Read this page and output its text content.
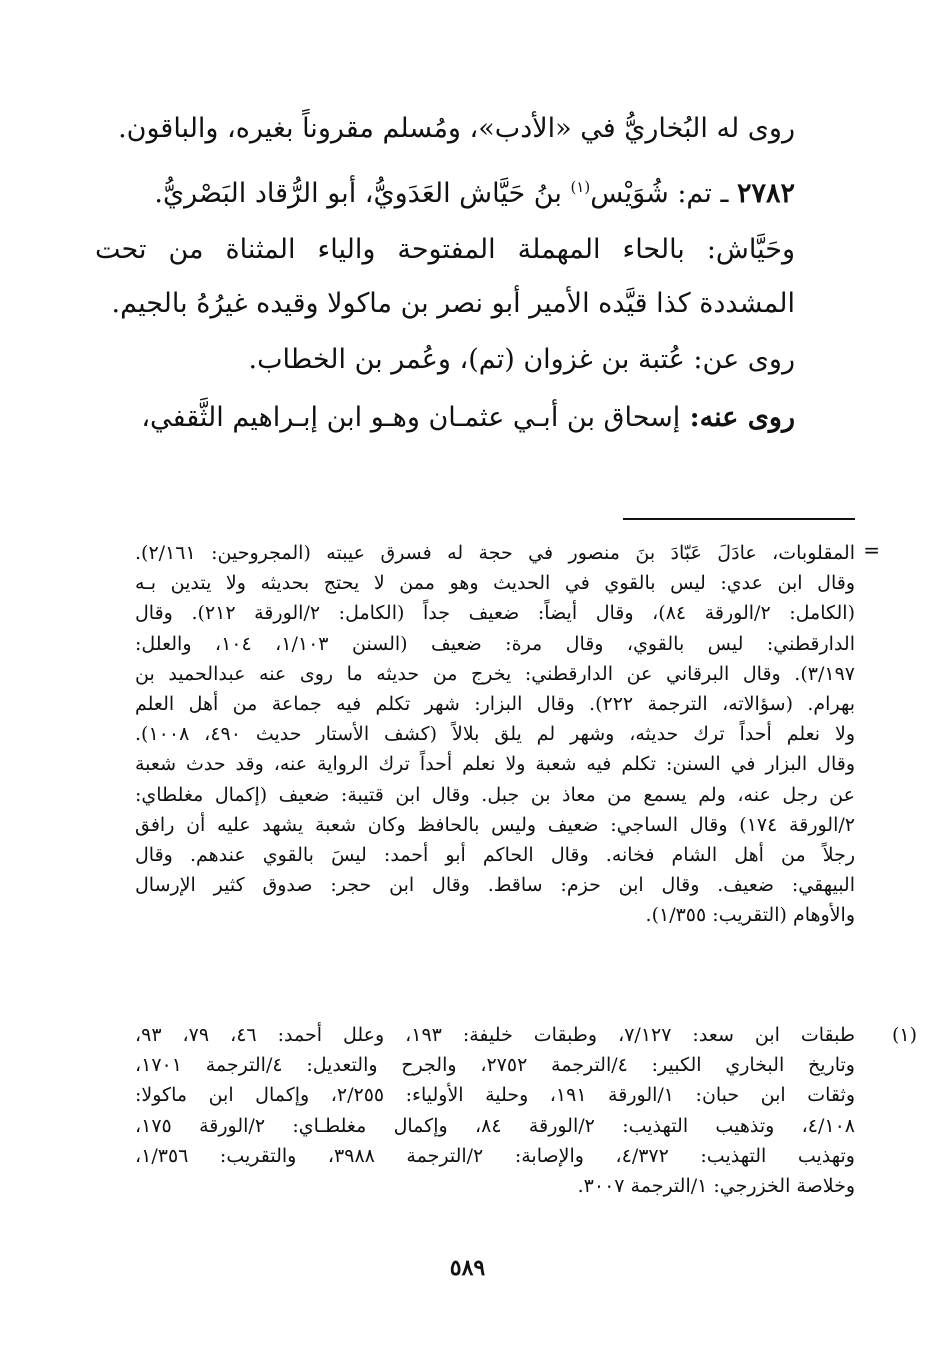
روى له البُخاريُّ في «الأدب»، ومُسلم مقروناً بغيره، والباقون.

٢٧٨٢ ـ تم: شُوَيْس$^{(١)}$ بنُ حَيَّاش العَدَويُّ، أبو الرُّقاد البَصْريُّ.

وحَيَّاش: بالحاء المهملة المفتوحة والياء المثناة من تحت المشددة كذا قيَّده الأمير أبو نصر بن ماكولا وقيده غيرُهُ بالجيم.

روى عن: عُتبة بن غزوان (تم)، وعُمر بن الخطاب.

روى عنه: إسحاق بن أبـي عثمـان وهـو ابن إبـراهيم الثَّقفي،

=

المقلوبات، عادَلَ عَبّادَ بنَ منصور في حجة له فسرق عيبته (المجروحين: ٢/١٦١).

وقال ابن عدي: ليس بالقوي في الحديث وهو ممن لا يحتج بحديثه ولا يتدين بـه

(الكامل: ٢/الورقة ٨٤)، وقال أيضاً: ضعيف جداً (الكامل: ٢/الورقة ٢١٢). وقال

الدارقطني: ليس بالقوي، وقال مرة: ضعيف (السنن ١/١٠٣، ١٠٤، والعلل:

٣/١٩٧). وقال البرقاني عن الدارقطني: يخرج من حديثه ما روى عنه عبدالحميد بن

بهرام. (سؤالاته، الترجمة ٢٢٢). وقال البزار: شهر تكلم فيه جماعة من أهل العلم

ولا نعلم أحداً ترك حديثه، وشهر لم يلق بلالاً (كشف الأستار حديث ٤٩٠، ١٠٠٨).

وقال البزار في السنن: تكلم فيه شعبة ولا نعلم أحداً ترك الرواية عنه، وقد حدث شعبة

عن رجل عنه، ولم يسمع من معاذ بن جبل. وقال ابن قتيبة: ضعيف (إكمال مغلطاي:

٢/الورقة ١٧٤) وقال الساجي: ضعيف وليس بالحافظ وكان شعبة يشهد عليه أن رافق

رجلاً من أهل الشام فخانه. وقال الحاكم أبو أحمد: ليسَ بالقوي عندهم. وقال

البيهقي: ضعيف. وقال ابن حزم: ساقط. وقال ابن حجر: صدوق كثير الإرسال

والأوهام (التقريب: ١/٣٥٥).

(١)

طبقات ابن سعد: ٧/١٢٧، وطبقات خليفة: ١٩٣، وعلل أحمد: ٤٦، ٧٩، ٩٣،

وتاريخ البخاري الكبير: ٤/الترجمة ٢٧٥٢، والجرح والتعديل: ٤/الترجمة ١٧٠١،

وثقات ابن حبان: ١/الورقة ١٩١، وحلية الأولياء: ٢/٢٥٥، وإكمال ابن ماكولا:

٤/١٠٨، وتذهيب التهذيب: ٢/الورقة ٨٤، وإكمال مغلطـاي: ٢/الورقة ١٧٥،

وتهذيب التهذيب: ٤/٣٧٢، والإصابة: ٢/الترجمة ٣٩٨٨، والتقريب: ١/٣٥٦،

وخلاصة الخزرجي: ١/الترجمة ٣٠٠٧.

٥٨٩
